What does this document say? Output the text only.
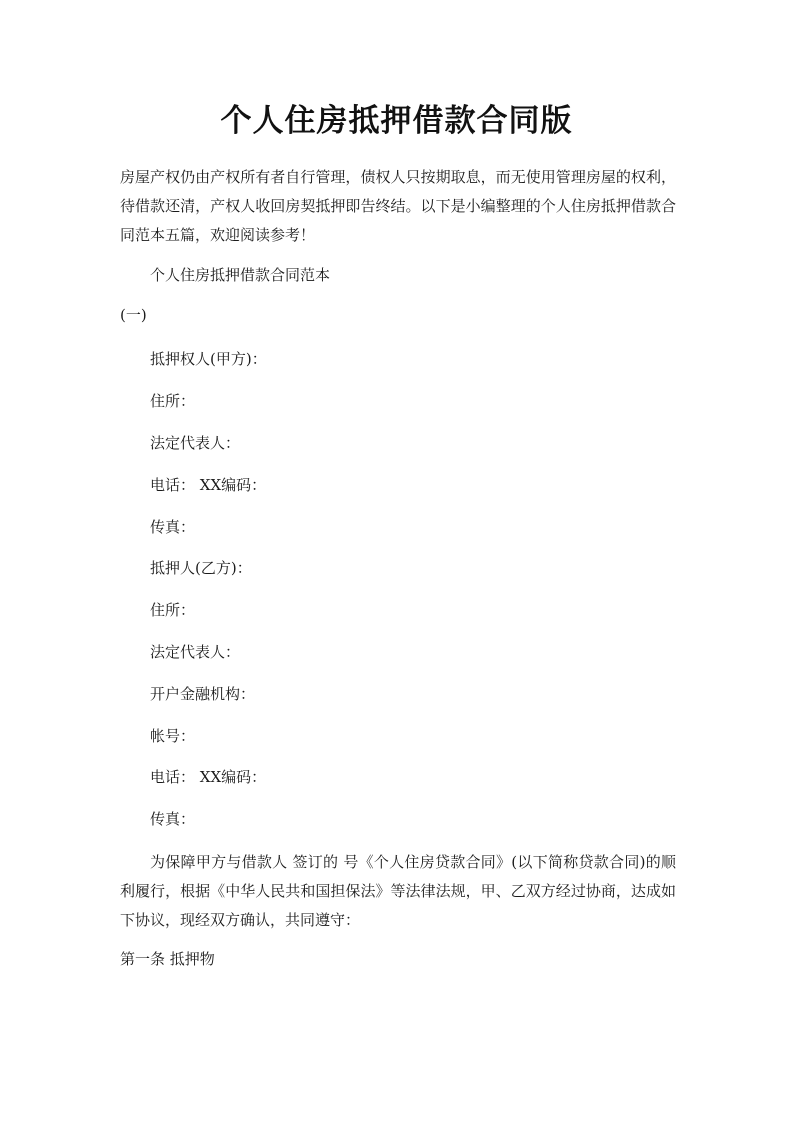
个人住房抵押借款合同版

房屋产权仍由产权所有者自行管理，债权人只按期取息，而无使用管理房屋的权利，待借款还清，产权人收回房契抵押即告终结。以下是小编整理的个人住房抵押借款合同范本五篇，欢迎阅读参考！

个人住房抵押借款合同范本

(一)

抵押权人(甲方)：

住所：

法定代表人：

电话： XX编码：

传真：

抵押人(乙方)：

住所：

法定代表人：

开户金融机构：

帐号：

电话： XX编码：

传真：

为保障甲方与借款人 签订的 号《个人住房贷款合同》(以下简称贷款合同)的顺利履行，根据《中华人民共和国担保法》等法律法规，甲、乙双方经过协商，达成如下协议，现经双方确认，共同遵守：

第一条 抵押物
